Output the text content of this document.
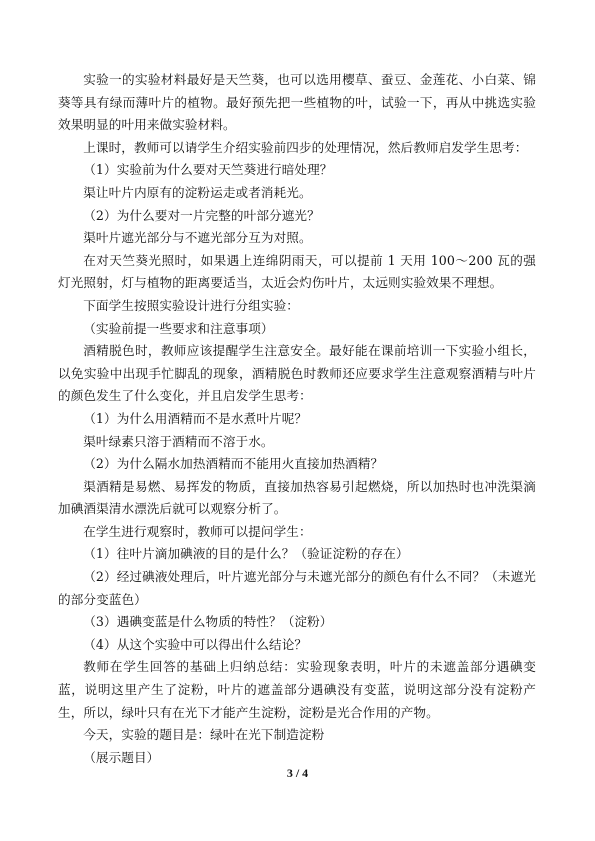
实验一的实验材料最好是天竺葵，也可以选用樱草、蚕豆、金莲花、小白菜、锦葵等具有绿而薄叶片的植物。最好预先把一些植物的叶，试验一下，再从中挑选实验效果明显的叶用来做实验材料。

上课时，教师可以请学生介绍实验前四步的处理情况，然后教师启发学生思考：

（1）实验前为什么要对天竺葵进行暗处理？

渠让叶片内原有的淀粉运走或者消耗光。

（2）为什么要对一片完整的叶部分遮光？

渠叶片遮光部分与不遮光部分互为对照。

在对天竺葵光照时，如果遇上连绵阴雨天，可以提前 1 天用 100～200 瓦的强灯光照射，灯与植物的距离要适当，太近会灼伤叶片，太远则实验效果不理想。

下面学生按照实验设计进行分组实验：

（实验前提一些要求和注意事项）

酒精脱色时，教师应该提醒学生注意安全。最好能在课前培训一下实验小组长，以免实验中出现手忙脚乱的现象，酒精脱色时教师还应要求学生注意观察酒精与叶片的颜色发生了什么变化，并且启发学生思考：

（1）为什么用酒精而不是水煮叶片呢？

渠叶绿素只溶于酒精而不溶于水。

（2）为什么隔水加热酒精而不能用火直接加热酒精？

渠酒精是易燃、易挥发的物质，直接加热容易引起燃烧，所以加热时也冲洗渠滴加碘酒渠清水漂洗后就可以观察分析了。

在学生进行观察时，教师可以提问学生：

（1）往叶片滴加碘液的目的是什么？（验证淀粉的存在）

（2）经过碘液处理后，叶片遮光部分与未遮光部分的颜色有什么不同？（未遮光的部分变蓝色）

（3）遇碘变蓝是什么物质的特性？（淀粉）

（4）从这个实验中可以得出什么结论？

教师在学生回答的基础上归纳总结：实验现象表明，叶片的未遮盖部分遇碘变蓝，说明这里产生了淀粉，叶片的遮盖部分遇碘没有变蓝，说明这部分没有淀粉产生，所以，绿叶只有在光下才能产生淀粉，淀粉是光合作用的产物。

今天，实验的题目是：绿叶在光下制造淀粉

（展示题目）

3 / 4
